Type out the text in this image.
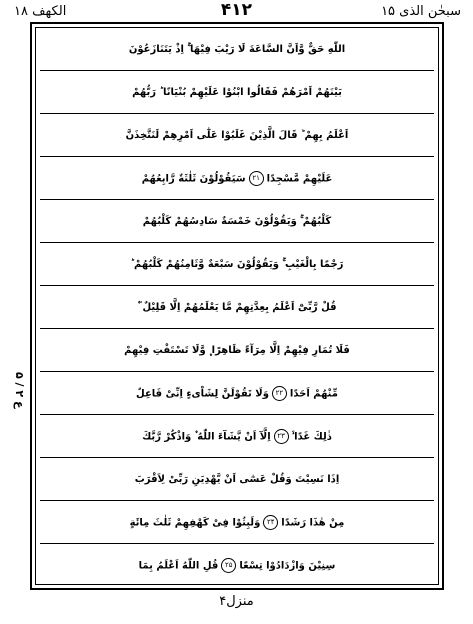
سبحٰن الذی ۱۵
۴۱۲
الکھف ۱۸
ع ۲ / ۵
اللّٰهِ حَقٌّ وَّاَنَّ السَّاعَةَ لَا رَيْبَ فِيْهَا ۚ اِذْ يَتَنَازَعُوْنَ
بَيْنَهُمْ اَمْرَهُمْ فَقَالُوا ابْنُوْا عَلَيْهِمْ بُنْيَانًا ؕ رَبُّهُمْ
اَعْلَمُ بِهِمْ ؕ قَالَ الَّذِيْنَ غَلَبُوْا عَلٰٓى اَمْرِهِمْ لَنَتَّخِذَنَّ
عَلَيْهِمْ مَّسْجِدًا۲۱سَيَقُوْلُوْنَ ثَلٰثَةٌ رَّابِعُهُمْ
كَلْبُهُمْ ۚ وَيَقُوْلُوْنَ خَمْسَةٌ سَادِسُهُمْ كَلْبُهُمْ
رَجْمًا بِالْغَيْبِ ۚ وَيَقُوْلُوْنَ سَبْعَةٌ وَّثَامِنُهُمْ كَلْبُهُمْ ؕ
قُلْ رَّبِّىْٓ اَعْلَمُ بِعِدَّتِهِمْ مَّا يَعْلَمُهُمْ اِلَّا قَلِيْلٌ ۬ ۫
فَلَا تُمَارِ فِيْهِمْ اِلَّا مِرَآءً ظَاهِرًا ۪ وَّلَا تَسْتَفْتِ فِيْهِمْ
مِّنْهُمْ اَحَدًا۲۲وَلَا تَقُوْلَنَّ لِشَاْىءٍ اِنِّىْ فَاعِلٌ
ذٰلِكَ غَدًا ۙ۲۳اِلَّآ اَنْ يَّشَآءَ اللّٰهُ ۫ وَاذْكُرْ رَّبَّكَ
اِذَا نَسِيْتَ وَقُلْ عَسٰٓى اَنْ يَّهْدِيَنِ رَبِّىْ لِاَقْرَبَ
مِنْ هٰذَا رَشَدًا۲۴وَلَبِثُوْا فِىْ كَهْفِهِمْ ثَلٰثَ مِائَةٍ
سِنِيْنَ وَازْدَادُوْا تِسْعًا۲۵قُلِ اللّٰهُ اَعْلَمُ بِمَا
منزل۴
